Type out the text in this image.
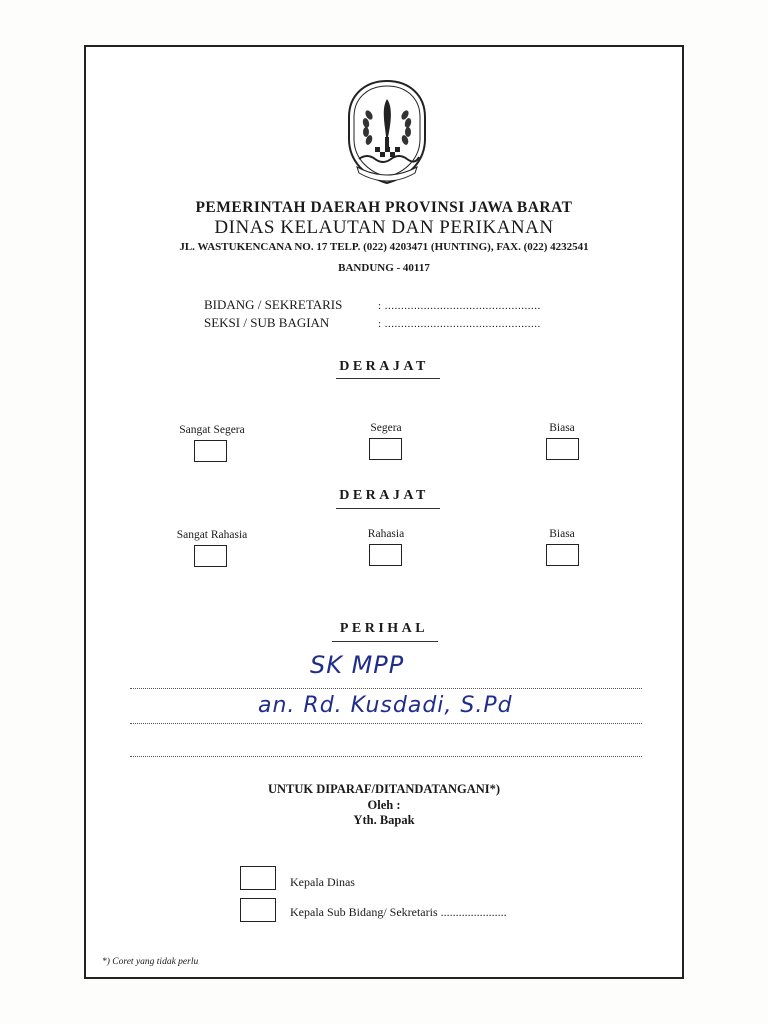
PEMERINTAH DAERAH PROVINSI JAWA BARAT
DINAS KELAUTAN DAN PERIKANAN
JL. WASTUKENCANA NO. 17 TELP. (022) 4203471 (HUNTING), FAX. (022) 4232541
BANDUNG - 40117
BIDANG / SEKRETARIS	: ................................................
SEKSI / SUB BAGIAN	: ................................................
DERAJAT
Sangat Segera	Segera	Biasa
DERAJAT
Sangat Rahasia	Rahasia	Biasa
PERIHAL
SK MPP
an. Rd. Kusdadi, S.Pd
UNTUK DIPARAF/DITANDATANGANI*)
Oleh :
Yth. Bapak
Kepala Dinas
Kepala Sub Bidang/ Sekretaris ......................
*) Coret yang tidak perlu
